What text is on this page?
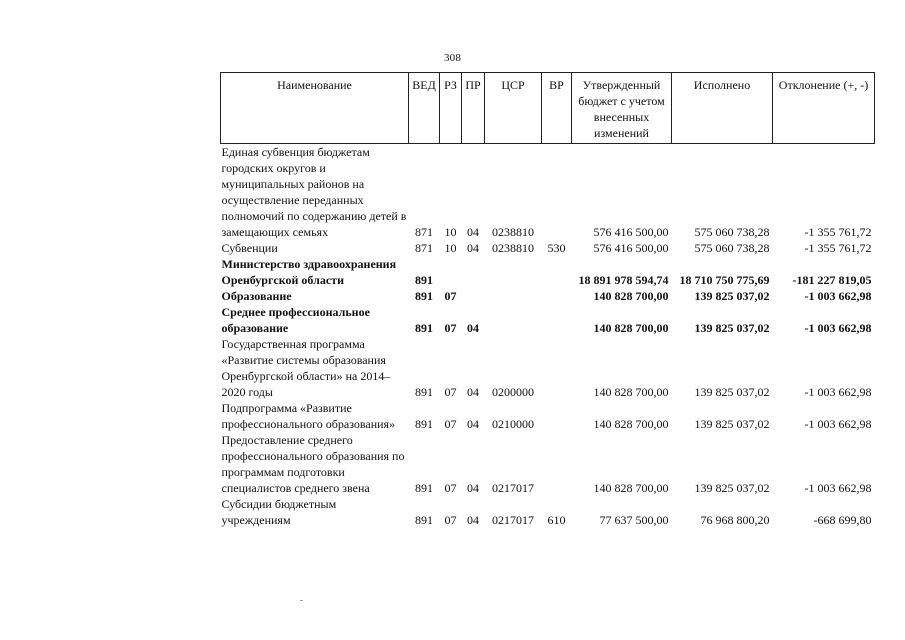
308
Наименование	ВЕД	РЗ	ПР	ЦСР	ВР	Утвержденный бюджет с учетом внесенных изменений	Исполнено	Отклонение (+, -)
Единая субвенция бюджетам городских округов и муниципальных районов на осуществление переданных полномочий по содержанию детей в замещающих семьях	871	10	04	0238810		576 416 500,00	575 060 738,28	-1 355 761,72
Субвенции	871	10	04	0238810	530	576 416 500,00	575 060 738,28	-1 355 761,72
Министерство здравоохранения Оренбургской области	891					18 891 978 594,74	18 710 750 775,69	-181 227 819,05
Образование	891	07				140 828 700,00	139 825 037,02	-1 003 662,98
Среднее профессиональное образование	891	07	04			140 828 700,00	139 825 037,02	-1 003 662,98
Государственная программа «Развитие системы образования Оренбургской области» на 2014–2020 годы	891	07	04	0200000		140 828 700,00	139 825 037,02	-1 003 662,98
Подпрограмма «Развитие профессионального образования»	891	07	04	0210000		140 828 700,00	139 825 037,02	-1 003 662,98
Предоставление среднего профессионального образования по программам подготовки специалистов среднего звена	891	07	04	0217017		140 828 700,00	139 825 037,02	-1 003 662,98
Субсидии бюджетным учреждениям	891	07	04	0217017	610	77 637 500,00	76 968 800,20	-668 699,80
